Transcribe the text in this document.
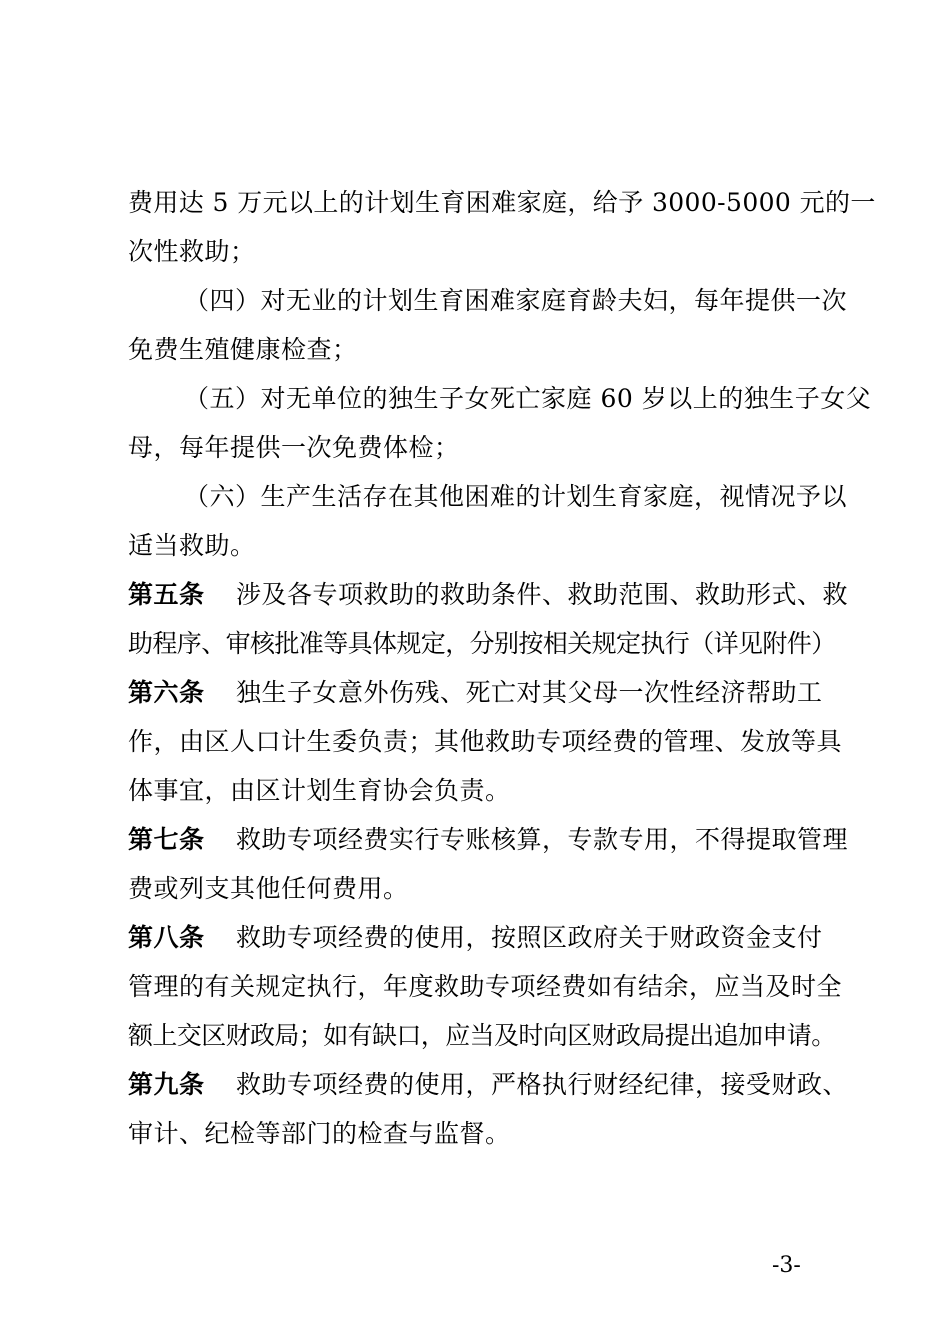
费用达 5 万元以上的计划生育困难家庭，给予 3000-5000 元的一
次性救助；
（四）对无业的计划生育困难家庭育龄夫妇，每年提供一次
免费生殖健康检查；
（五）对无单位的独生子女死亡家庭 60 岁以上的独生子女父
母，每年提供一次免费体检；
（六）生产生活存在其他困难的计划生育家庭，视情况予以
适当救助。
第五条 涉及各专项救助的救助条件、救助范围、救助形式、救
助程序、审核批准等具体规定，分别按相关规定执行（详见附件）
第六条 独生子女意外伤残、死亡对其父母一次性经济帮助工
作，由区人口计生委负责；其他救助专项经费的管理、发放等具
体事宜，由区计划生育协会负责。
第七条 救助专项经费实行专账核算，专款专用，不得提取管理
费或列支其他任何费用。
第八条 救助专项经费的使用，按照区政府关于财政资金支付
管理的有关规定执行，年度救助专项经费如有结余，应当及时全
额上交区财政局；如有缺口，应当及时向区财政局提出追加申请。
第九条 救助专项经费的使用，严格执行财经纪律，接受财政、
审计、纪检等部门的检查与监督。
-3-
